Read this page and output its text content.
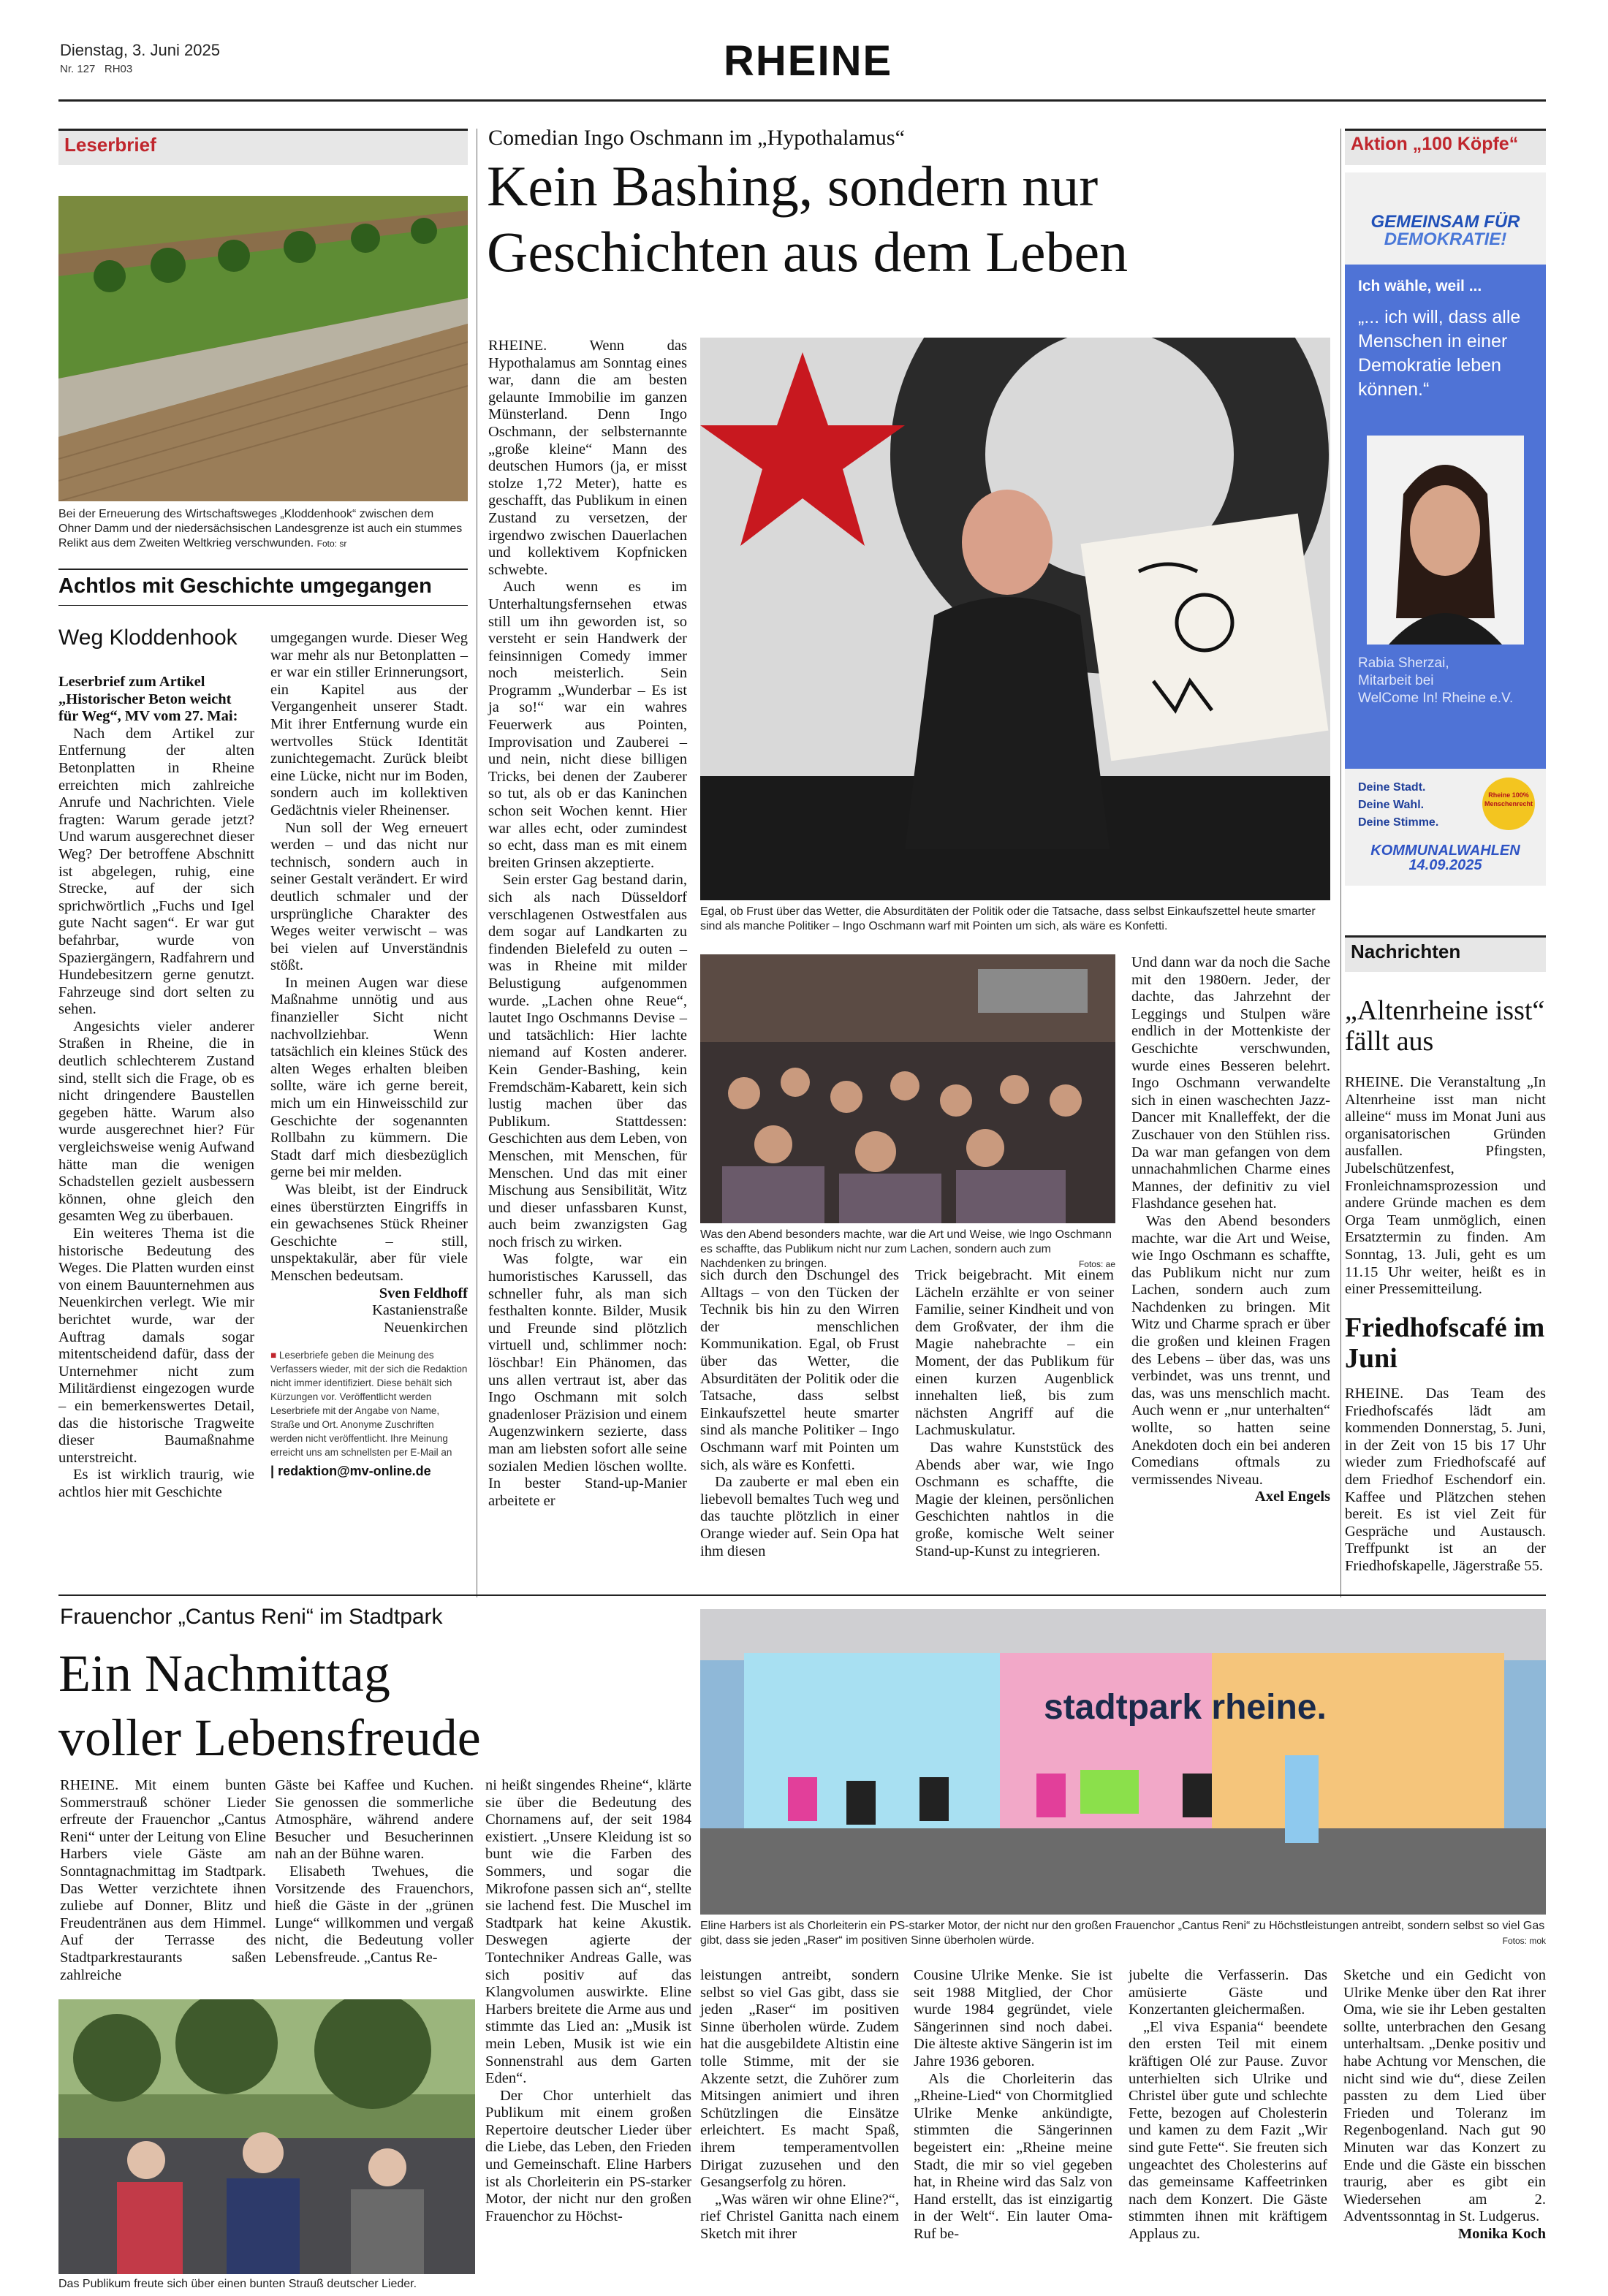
Dienstag, 3. Juni 2025
Nr. 127 RH03	RHEINE
Leserbrief
Bei der Erneuerung des Wirtschaftsweges „Kloddenhook“ zwischen dem Ohner Damm und der niedersächsischen Landesgrenze ist auch ein stummes Relikt aus dem Zweiten Weltkrieg verschwunden. Foto: sr
Achtlos mit Geschichte umgegangen
Weg Kloddenhook

Leserbrief zum Artikel „Historischer Beton weicht für Weg“, MV vom 27. Mai:

Nach dem Artikel zur Entfernung der alten Betonplatten in Rheine erreichten mich zahlreiche Anrufe und Nachrichten. Viele fragten: Warum gerade jetzt? Und warum ausgerechnet dieser Weg? Der betroffene Abschnitt ist abgelegen, ruhig, eine Strecke, auf der sich sprichwörtlich „Fuchs und Igel gute Nacht sagen“. Er war gut befahrbar, wurde von Spaziergängern, Radfahrern und Hundebesitzern gerne genutzt. Fahrzeuge sind dort selten zu sehen.

Angesichts vieler anderer Straßen in Rheine, die in deutlich schlechterem Zustand sind, stellt sich die Frage, ob es nicht dringendere Baustellen gegeben hätte. Warum also wurde ausgerechnet hier? Für vergleichsweise wenig Aufwand hätte man die wenigen Schadstellen gezielt ausbessern können, ohne gleich den gesamten Weg zu überbauen.

Ein weiteres Thema ist die historische Bedeutung des Weges. Die Platten wurden einst von einem Bauunternehmen aus Neuenkirchen verlegt. Wie mir berichtet wurde, war der Auftrag damals sogar mitentscheidend dafür, dass der Unternehmer nicht zum Militärdienst eingezogen wurde – ein bemerkenswertes Detail, das die historische Tragweite dieser Baumaßnahme unterstreicht.

Es ist wirklich traurig, wie achtlos hier mit Geschichte

umgegangen wurde. Dieser Weg war mehr als nur Betonplatten – er war ein stiller Erinnerungsort, ein Kapitel aus der Vergangenheit unserer Stadt. Mit ihrer Entfernung wurde ein wertvolles Stück Identität zunichtegemacht. Zurück bleibt eine Lücke, nicht nur im Boden, sondern auch im kollektiven Gedächtnis vieler Rheinenser.

Nun soll der Weg erneuert werden – und das nicht nur technisch, sondern auch in seiner Gestalt verändert. Er wird deutlich schmaler und der ursprüngliche Charakter des Weges weiter verwischt – was bei vielen auf Unverständnis stößt.

In meinen Augen war diese Maßnahme unnötig und aus finanzieller Sicht nicht nachvollziehbar. Wenn tatsächlich ein kleines Stück des alten Weges erhalten bleiben sollte, wäre ich gerne bereit, mich um ein Hinweisschild zur Geschichte der sogenannten Rollbahn zu kümmern. Die Stadt darf mich diesbezüglich gerne bei mir melden.

Was bleibt, ist der Eindruck eines überstürzten Eingriffs in ein gewachsenes Stück Rheiner Geschichte – still, unspektakulär, aber für viele Menschen bedeutsam.

Sven Feldhoff

Kastanienstraße Neuenkirchen

■ Leserbriefe geben die Meinung des Verfassers wieder, mit der sich die Redaktion nicht immer identifiziert. Diese behält sich Kürzungen vor. Veröffentlicht werden Leserbriefe mit der Angabe von Name, Straße und Ort. Anonyme Zuschriften werden nicht veröffentlicht. Ihre Meinung erreicht uns am schnellsten per E-Mail an
| redaktion@mv-online.de
Comedian Ingo Oschmann im „Hypothalamus“
Kein Bashing, sondern nur
Geschichten aus dem Leben

RHEINE. Wenn das Hypothalamus am Sonntag eines war, dann die am besten gelaunte Immobilie im ganzen Münsterland. Denn Ingo Oschmann, der selbsternannte „große kleine“ Mann des deutschen Humors (ja, er misst stolze 1,72 Meter), hatte es geschafft, das Publikum in einen Zustand zu versetzen, der irgendwo zwischen Dauerlachen und kollektivem Kopfnicken schwebte.

Auch wenn es im Unterhaltungsfernsehen etwas still um ihn geworden ist, so versteht er sein Handwerk der feinsinnigen Comedy immer noch meisterlich. Sein Programm „Wunderbar – Es ist ja so!“ war ein wahres Feuerwerk aus Pointen, Improvisation und Zauberei – und nein, nicht diese billigen Tricks, bei denen der Zauberer so tut, als ob er das Kaninchen schon seit Wochen kennt. Hier war alles echt, oder zumindest so echt, dass man es mit einem breiten Grinsen akzeptierte.

Sein erster Gag bestand darin, sich als nach Düsseldorf verschlagenen Ostwestfalen aus dem sogar auf Landkarten zu findenden Bielefeld zu outen – was in Rheine mit milder Belustigung aufgenommen wurde. „Lachen ohne Reue“, lautet Ingo Oschmanns Devise – und tatsächlich: Hier lachte niemand auf Kosten anderer. Kein Gender-Bashing, kein Fremdschäm-Kabarett, kein sich lustig machen über das Publikum. Stattdessen: Geschichten aus dem Leben, von Menschen, mit Menschen, für Menschen. Und das mit einer Mischung aus Sensibilität, Witz und dieser unfassbaren Kunst, auch beim zwanzigsten Gag noch frisch zu wirken.

Was folgte, war ein humoristisches Karussell, das schneller fuhr, als man sich festhalten konnte. Bilder, Musik und Freunde sind plötzlich virtuell und, schlimmer noch: löschbar! Ein Phänomen, das uns allen vertraut ist, aber das Ingo Oschmann mit solch gnadenloser Präzision und einem Augenzwinkern sezierte, dass man am liebsten sofort alle seine sozialen Medien löschen wollte. In bester Stand-up-Manier arbeitete er

Egal, ob Frust über das Wetter, die Absurditäten der Politik oder die Tatsache, dass selbst Einkaufszettel heute smarter sind als manche Politiker – Ingo Oschmann warf mit Pointen um sich, als wäre es Konfetti.
Was den Abend besonders machte, war die Art und Weise, wie Ingo Oschmann es schaffte, das Publikum nicht nur zum Lachen, sondern auch zum Nachdenken zu bringen.	Fotos: ae

Und dann war da noch die Sache mit den 1980ern. Jeder, der dachte, das Jahrzehnt der Leggings und Stulpen wäre endlich in der Mottenkiste der Geschichte verschwunden, wurde eines Besseren belehrt. Ingo Oschmann verwandelte sich in einen waschechten Jazz-Dancer mit Knalleffekt, der die Zuschauer von den Stühlen riss. Da war man gefangen von dem unnachahmlichen Charme eines Mannes, der definitiv zu viel Flashdance gesehen hat.

Was den Abend besonders machte, war die Art und Weise, wie Ingo Oschmann es schaffte, das Publikum nicht nur zum Lachen, sondern auch zum Nachdenken zu bringen. Mit Witz und Charme sprach er über die großen und kleinen Fragen des Lebens – über das, was uns verbindet, was uns trennt, und das, was uns menschlich macht. Auch wenn er „nur unterhalten“ wollte, so hatten seine Anekdoten doch ein bei anderen Comedians oftmals zu vermissendes Niveau.

Axel Engels

sich durch den Dschungel des Alltags – von den Tücken der Technik bis hin zu den Wirren der menschlichen Kommunikation. Egal, ob Frust über das Wetter, die Absurditäten der Politik oder die Tatsache, dass selbst Einkaufszettel heute smarter sind als manche Politiker – Ingo Oschmann warf mit Pointen um sich, als wäre es Konfetti.

Da zauberte er mal eben ein liebevoll bemaltes Tuch weg und das tauchte plötzlich in einer Orange wieder auf. Sein Opa hat ihm diesen

Trick beigebracht. Mit einem Lächeln erzählte er von seiner Familie, seiner Kindheit und von dem Großvater, der ihm die Magie nahebrachte – ein Moment, der das Publikum für einen kurzen Augenblick innehalten ließ, bis zum nächsten Angriff auf die Lachmuskulatur.

Das wahre Kunststück des Abends aber war, wie Ingo Oschmann es schaffte, die Magie der kleinen, persönlichen Geschichten nahtlos in die große, komische Welt seiner Stand-up-Kunst zu integrieren.

Aktion „100 Köpfe“
GEMEINSAM FÜR
DEMOKRATIE!
Ich wähle, weil ...
„... ich will, dass alle Menschen in einer Demokratie leben können.“
Rabia Sherzai,
Mitarbeit bei
WelCome In! Rheine e.V.
Deine Stadt.
Deine Wahl.
Deine Stimme.
Rheine 100% Menschenrecht
KOMMUNALWAHLEN
14.09.2025
Nachrichten
„Altenrheine isst“ fällt aus

RHEINE. Die Veranstaltung „In Altenrheine isst man nicht alleine“ muss im Monat Juni aus organisatorischen Gründen ausfallen. Pfingsten, Jubelschützenfest, Fronleichnamsprozession und andere Gründe machen es dem Orga Team unmöglich, einen Ersatztermin zu finden. Am Sonntag, 13. Juli, geht es um 11.15 Uhr weiter, heißt es in einer Pressemitteilung.

Friedhofscafé im Juni

RHEINE. Das Team des Friedhofscafés lädt am kommenden Donnerstag, 5. Juni, in der Zeit von 15 bis 17 Uhr wieder zum Friedhofscafé auf dem Friedhof Eschendorf ein. Kaffee und Plätzchen stehen bereit. Es ist viel Zeit für Gespräche und Austausch. Treffpunkt ist an der Friedhofskapelle, Jägerstraße 55.

Frauenchor „Cantus Reni“ im Stadtpark
Ein Nachmittag
voller Lebensfreude

RHEINE. Mit einem bunten Sommerstrauß schöner Lieder erfreute der Frauenchor „Cantus Reni“ unter der Leitung von Eline Harbers viele Gäste am Sonntagnachmittag im Stadtpark. Das Wetter verzichtete ihnen zuliebe auf Donner, Blitz und Freudentränen aus dem Himmel. Auf der Terrasse des Stadtparkrestaurants saßen zahlreiche

Gäste bei Kaffee und Kuchen. Sie genossen die sommerliche Atmosphäre, während andere Besucher und Besucherinnen nah an der Bühne waren.

Elisabeth Twehues, die Vorsitzende des Frauenchors, hieß die Gäste in der „grünen Lunge“ willkommen und vergaß nicht, die Bedeutung voller Lebensfreude. „Cantus Re-

ni heißt singendes Rheine“, klärte sie über die Bedeutung des Chornamens auf, der seit 1984 existiert. „Unsere Kleidung ist so bunt wie die Farben des Sommers, und sogar die Mikrofone passen sich an“, stellte sie lachend fest. Die Muschel im Stadtpark hat keine Akustik. Deswegen agierte der Tontechniker Andreas Galle, was sich positiv auf das Klangvolumen auswirkte. Eline Harbers breitete die Arme aus und stimmte das Lied an: „Musik ist mein Leben, Musik ist wie ein Sonnenstrahl aus dem Garten Eden“.

Der Chor unterhielt das Publikum mit einem großen Repertoire deutscher Lieder über die Liebe, das Leben, den Frieden und Gemeinschaft. Eline Harbers ist als Chorleiterin ein PS-starker Motor, der nicht nur den großen Frauenchor zu Höchst-

Das Publikum freute sich über einen bunten Strauß deutscher Lieder.
stadtpark rheine.
Eline Harbers ist als Chorleiterin ein PS-starker Motor, der nicht nur den großen Frauenchor „Cantus Reni“ zu Höchstleistungen antreibt, sondern selbst so viel Gas gibt, dass sie jeden „Raser“ im positiven Sinne überholen würde.	Fotos: mok

leistungen antreibt, sondern selbst so viel Gas gibt, dass sie jeden „Raser“ im positiven Sinne überholen würde. Zudem hat die ausgebildete Altistin eine tolle Stimme, mit der sie Akzente setzt, die Zuhörer zum Mitsingen animiert und ihren Schützlingen die Einsätze erleichtert. Es macht Spaß, ihrem temperamentvollen Dirigat zuzusehen und den Gesangserfolg zu hören.

„Was wären wir ohne Eline?“, rief Christel Ganitta nach einem Sketch mit ihrer

Cousine Ulrike Menke. Sie ist seit 1988 Mitglied, der Chor wurde 1984 gegründet, viele Sängerinnen sind noch dabei. Die älteste aktive Sängerin ist im Jahre 1936 geboren.

Als die Chorleiterin das „Rheine-Lied“ von Chormitglied Ulrike Menke ankündigte, stimmten die Sängerinnen begeistert ein: „Rheine meine Stadt, die mir so viel gegeben hat, in Rheine wird das Salz von Hand erstellt, das ist einzigartig in der Welt“. Ein lauter Oma-Ruf be-

jubelte die Verfasserin. Das amüsierte Gäste und Konzertanten gleichermaßen.

„El viva Espania“ beendete den ersten Teil mit einem kräftigen Olé zur Pause. Zuvor unterhielten sich Ulrike und Christel über gute und schlechte Fette, bezogen auf Cholesterin und kamen zu dem Fazit „Wir sind gute Fette“. Sie freuten sich ungeachtet des Cholesterins auf das gemeinsame Kaffeetrinken nach dem Konzert. Die Gäste stimmten ihnen mit kräftigem Applaus zu.

Sketche und ein Gedicht von Ulrike Menke über den Rat ihrer Oma, wie sie ihr Leben gestalten sollte, unterbrachen den Gesang unterhaltsam. „Denke positiv und habe Achtung vor Menschen, die nicht sind wie du“, diese Zeilen passten zu dem Lied über Frieden und Toleranz im Regenbogenland. Nach gut 90 Minuten war das Konzert zu Ende und die Gäste ein bisschen traurig, aber es gibt ein Wiedersehen am 2. Adventssonntag in St. Ludgerus.

Monika Koch
